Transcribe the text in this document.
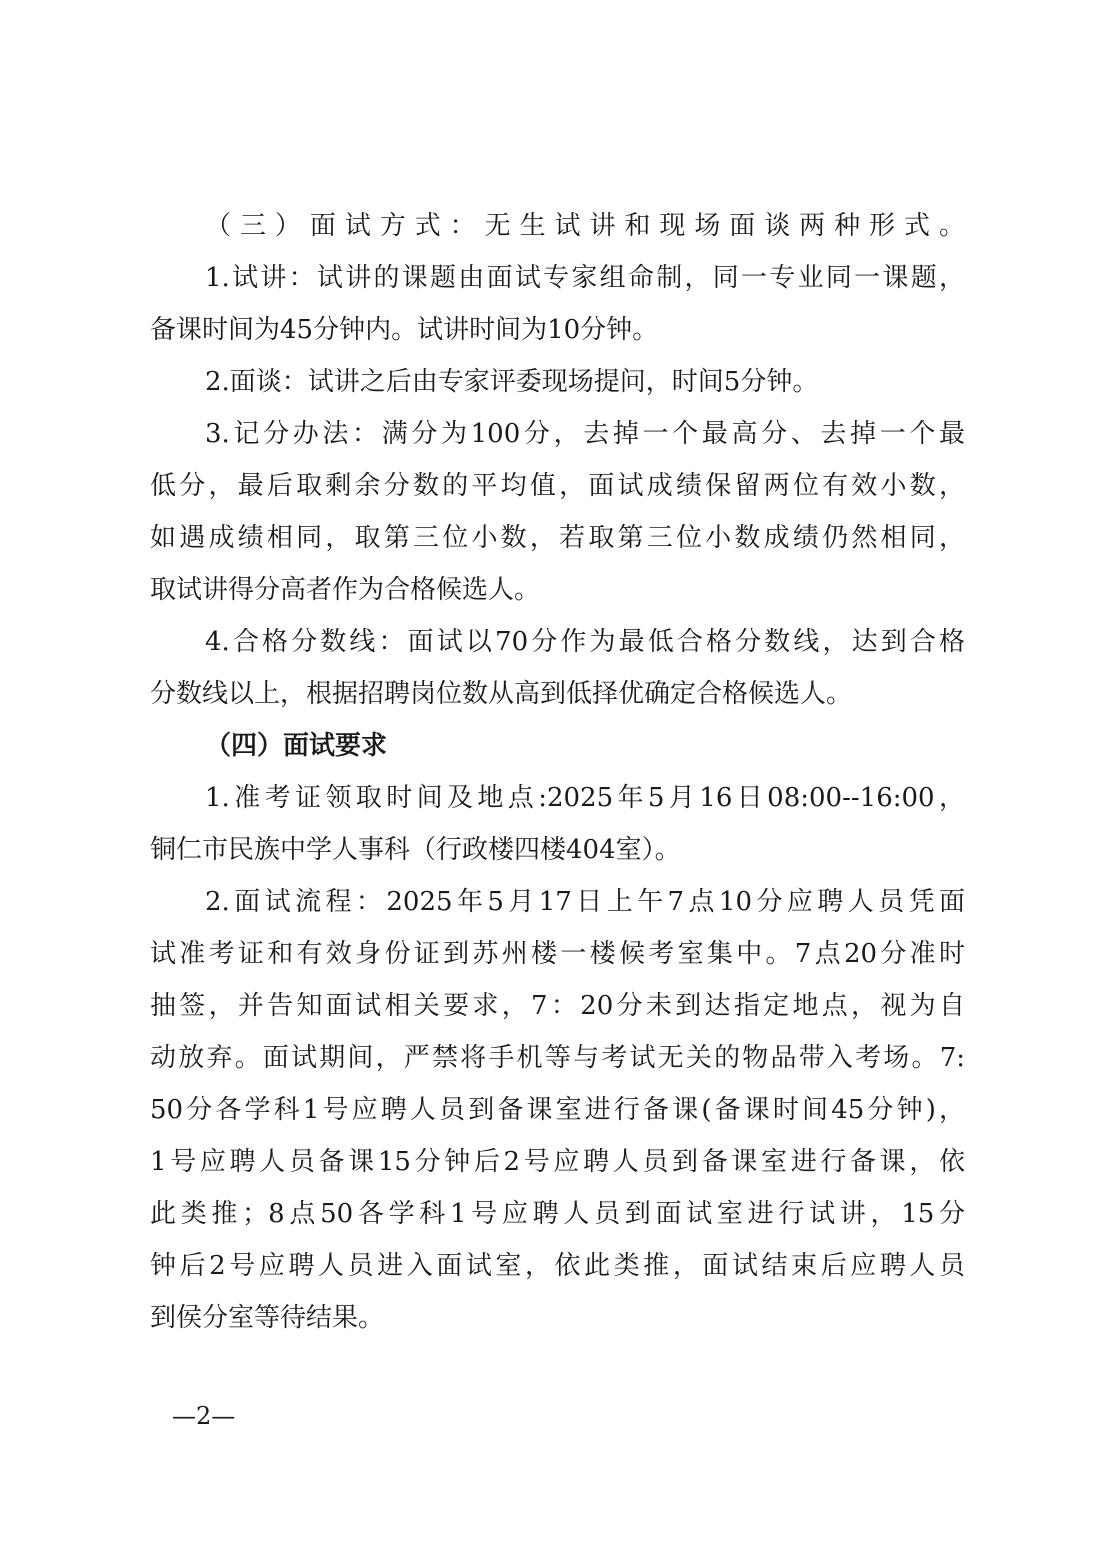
（三）面试方式：无生试讲和现场面谈两种形式。
1.试讲：试讲的课题由面试专家组命制，同一专业同一课题，
备课时间为45分钟内。试讲时间为10分钟。
2.面谈：试讲之后由专家评委现场提问，时间5分钟。
3.记分办法：满分为100分，去掉一个最高分、去掉一个最
低分，最后取剩余分数的平均值，面试成绩保留两位有效小数，
如遇成绩相同，取第三位小数，若取第三位小数成绩仍然相同，
取试讲得分高者作为合格候选人。
4.合格分数线：面试以70分作为最低合格分数线，达到合格
分数线以上，根据招聘岗位数从高到低择优确定合格候选人。
（四）面试要求
1.准考证领取时间及地点:2025年5月16日08:00--16:00，
铜仁市民族中学人事科（行政楼四楼404室）。
2.面试流程：2025年5月17日上午7点10分应聘人员凭面
试准考证和有效身份证到苏州楼一楼候考室集中。7点20分准时
抽签，并告知面试相关要求，7：20分未到达指定地点，视为自
动放弃。面试期间，严禁将手机等与考试无关的物品带入考场。7:
50分各学科1号应聘人员到备课室进行备课(备课时间45分钟)，
1号应聘人员备课15分钟后2号应聘人员到备课室进行备课，依
此类推；8点50各学科1号应聘人员到面试室进行试讲，15分
钟后2号应聘人员进入面试室，依此类推，面试结束后应聘人员
到侯分室等待结果。
—2—
